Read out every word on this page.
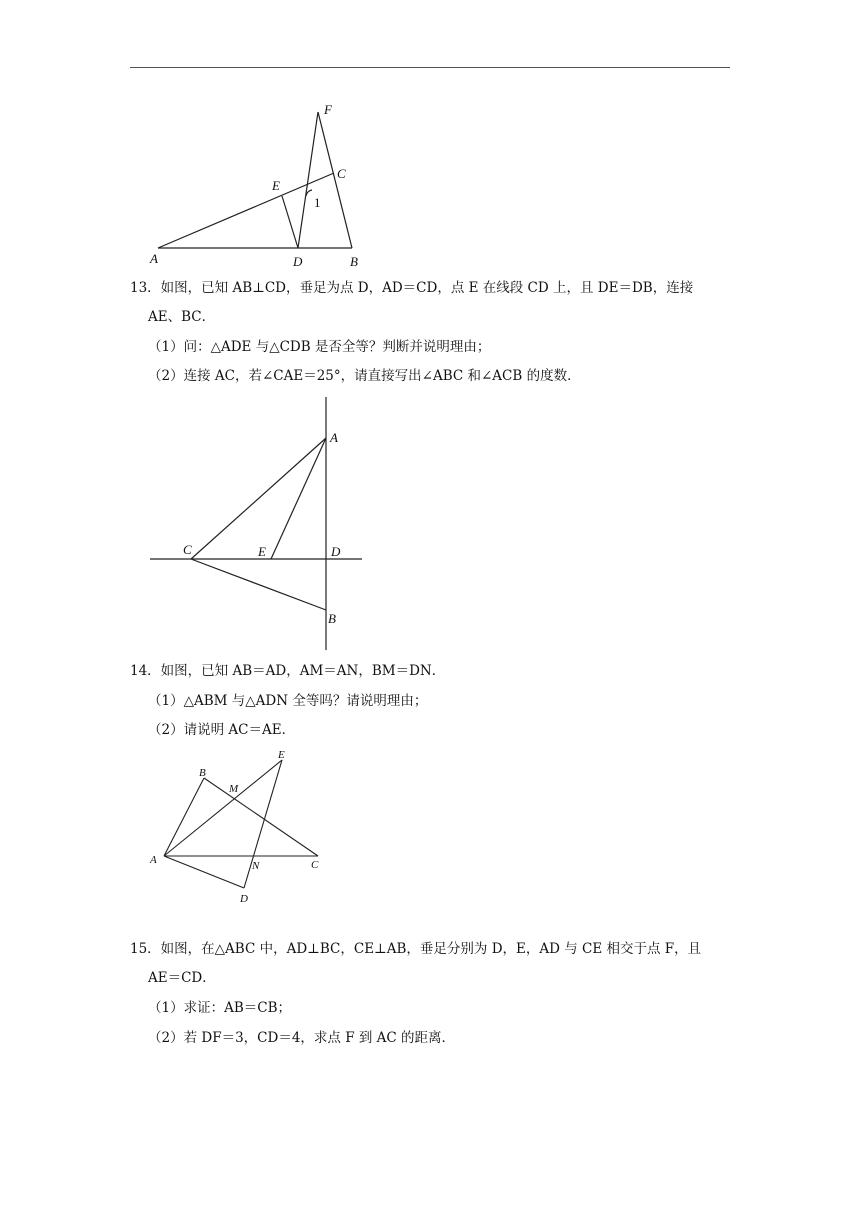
A	D	B
E
C
F
1
13．如图，已知 AB⊥CD，垂足为点 D，AD＝CD，点 E 在线段 CD 上，且 DE＝DB，连接
AE、BC．
（1）问：△ADE 与△CDB 是否全等？判断并说明理由；
（2）连接 AC，若∠CAE＝25°，请直接写出∠ABC 和∠ACB 的度数．
A
C	E	D
B
14．如图，已知 AB＝AD，AM＝AN，BM＝DN．
（1）△ABM 与△ADN 全等吗？请说明理由；
（2）请说明 AC＝AE．
A
B
M
E
N	C
D
15．如图，在△ABC 中，AD⊥BC，CE⊥AB，垂足分别为 D，E，AD 与 CE 相交于点 F，且
AE＝CD．
（1）求证：AB＝CB；
（2）若 DF＝3，CD＝4，求点 F 到 AC 的距离．
